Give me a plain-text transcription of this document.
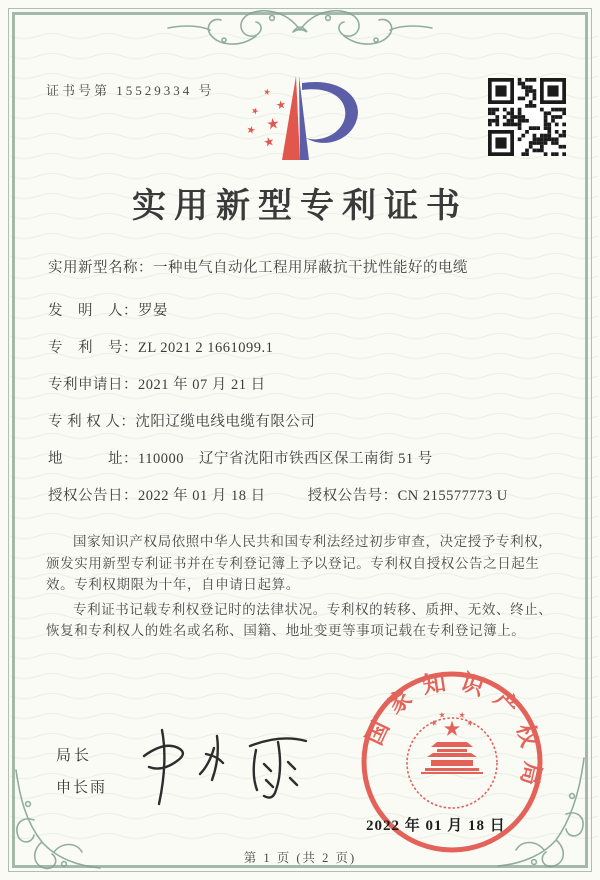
证书号第 15529334 号
实用新型专利证书
实用新型名称：一种电气自动化工程用屏蔽抗干扰性能好的电缆
发　明　人：罗晏
专　利　号：ZL 2021 2 1661099.1
专利申请日：2021 年 07 月 21 日
专 利 权 人：沈阳辽缆电线电缆有限公司
地　　　址：110000　辽宁省沈阳市铁西区保工南街 51 号
授权公告日：2022 年 01 月 18 日	授权公告号：CN 215577773 U

国家知识产权局依照中华人民共和国专利法经过初步审查，决定授予专利权，颁发实用新型专利证书并在专利登记簿上予以登记。专利权自授权公告之日起生效。专利权期限为十年，自申请日起算。

专利证书记载专利权登记时的法律状况。专利权的转移、质押、无效、终止、恢复和专利权人的姓名或名称、国籍、地址变更等事项记载在专利登记簿上。

局长
申长雨
国家知识产权局
2022 年 01 月 18 日
第 1 页 (共 2 页)
